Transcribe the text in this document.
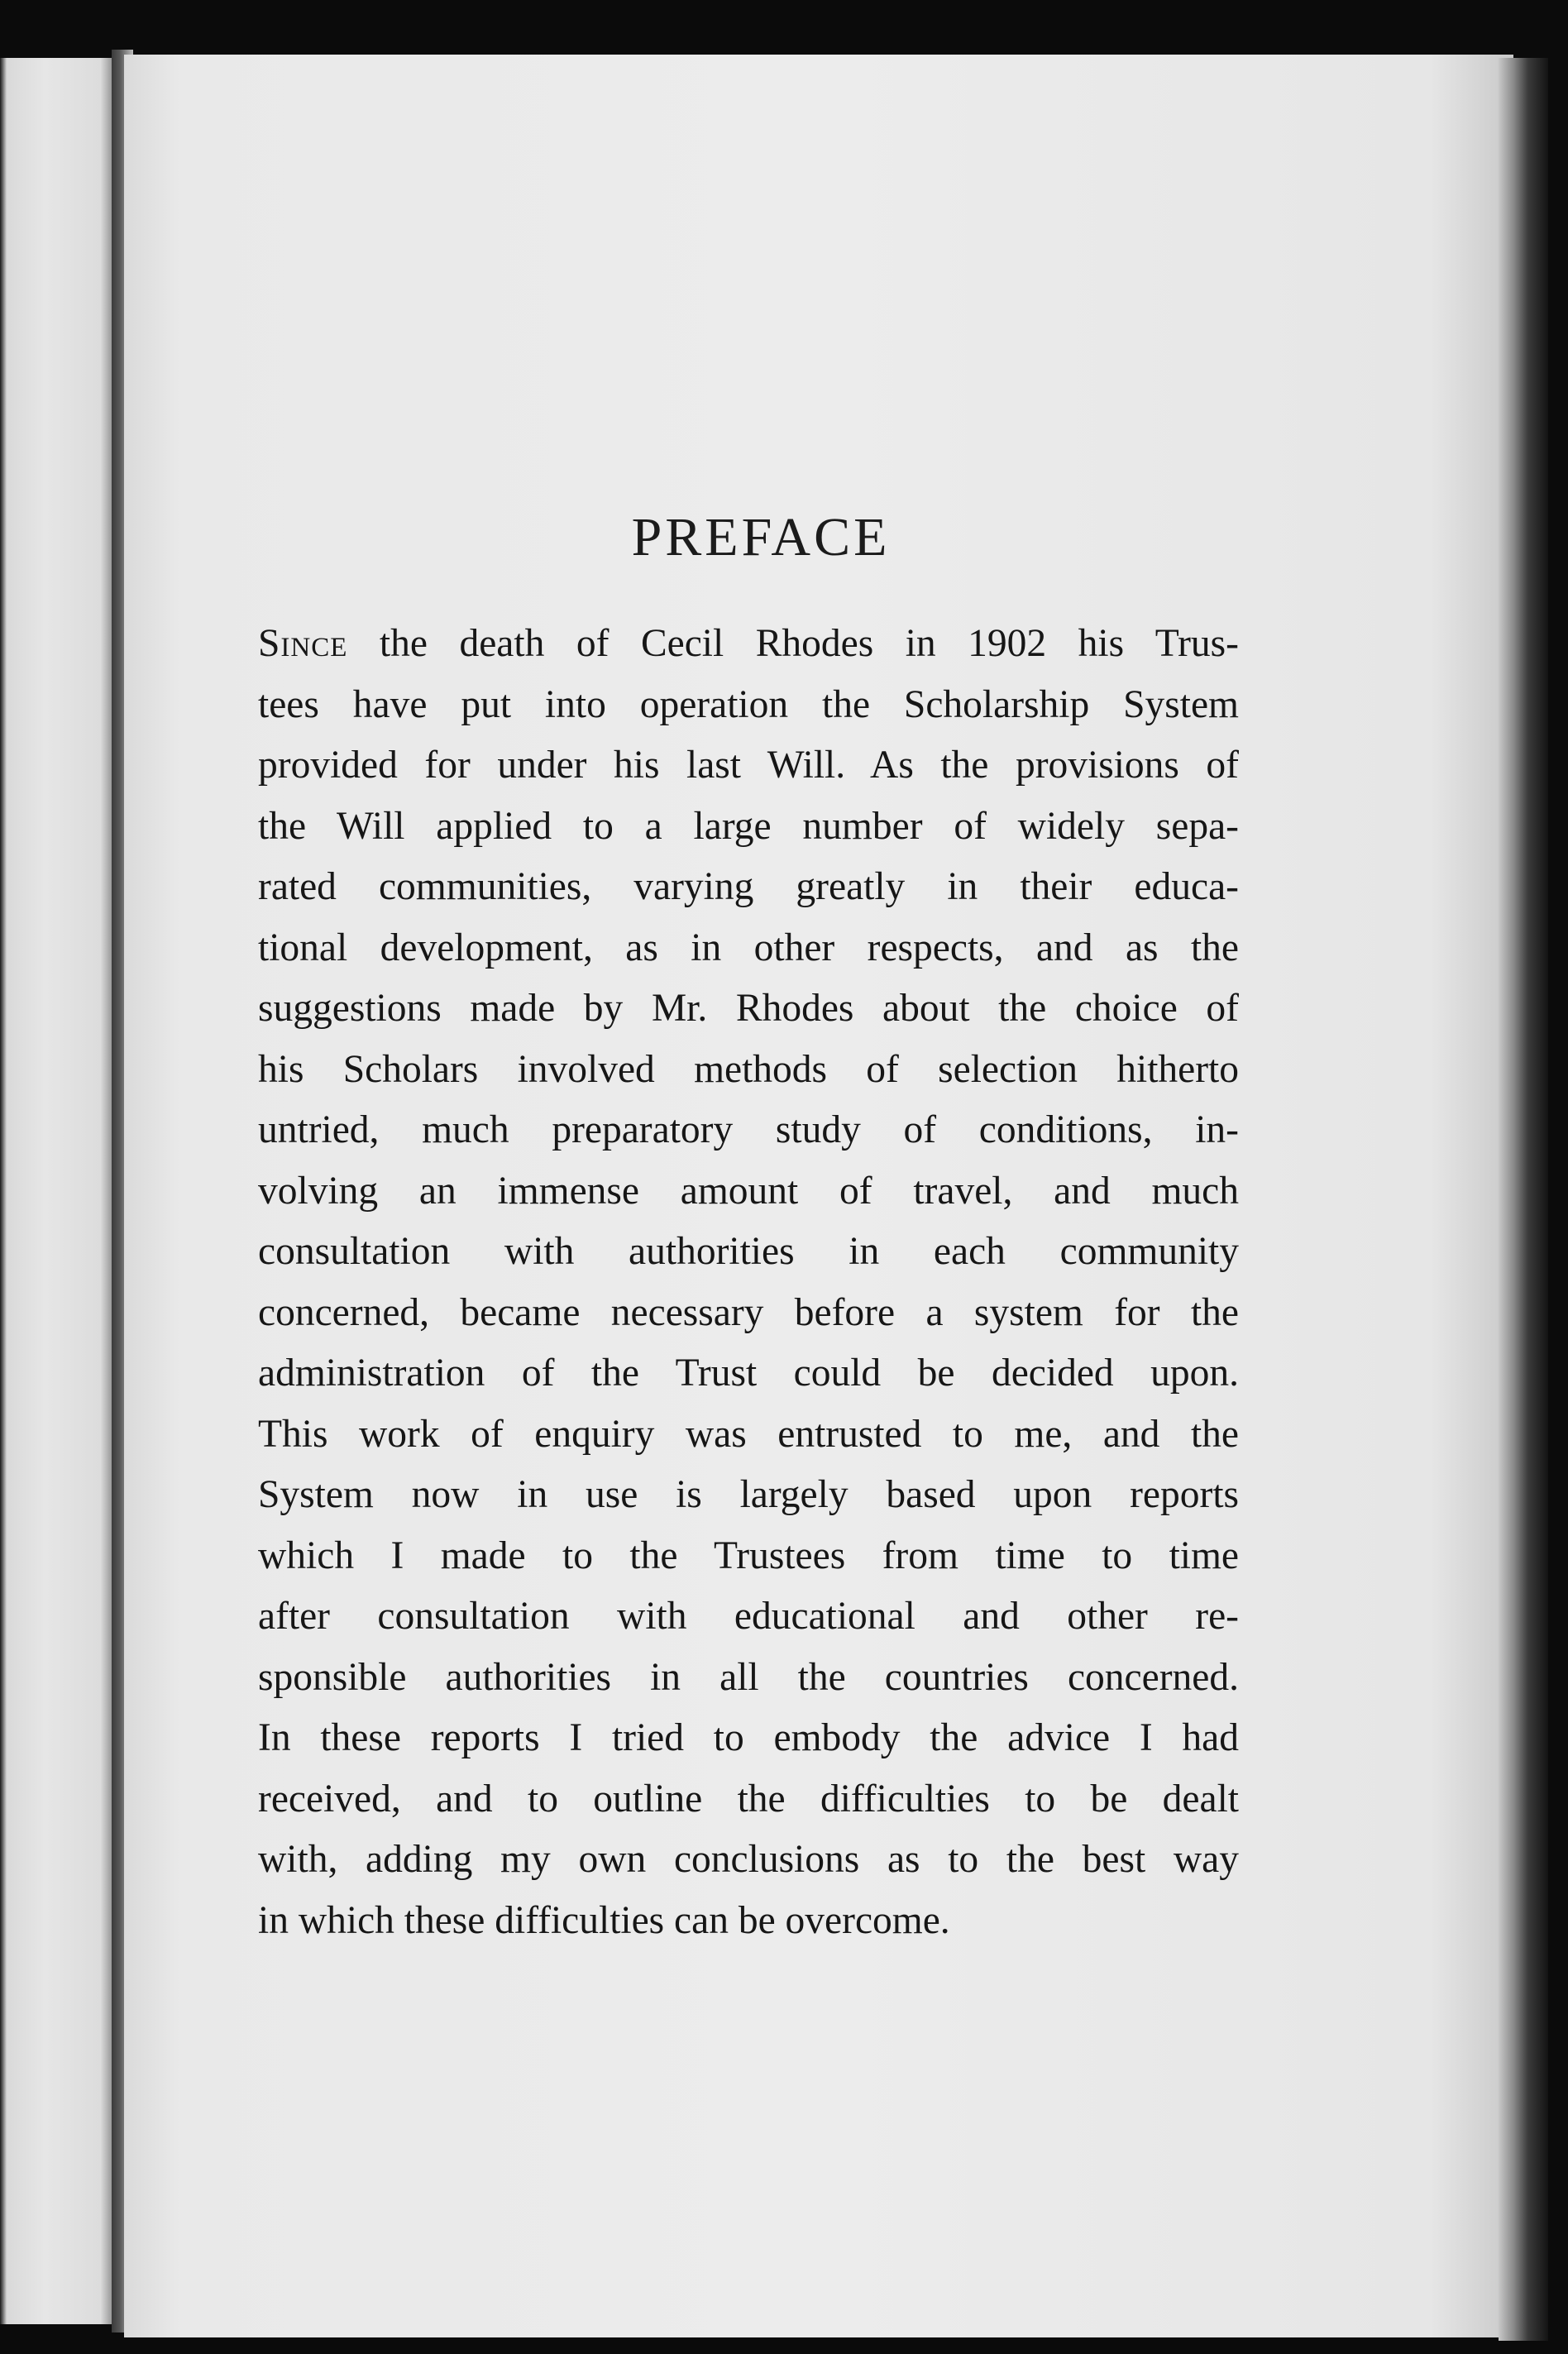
PREFACE
Since the death of Cecil Rhodes in 1902 his Trus-
tees have put into operation the Scholarship System
provided for under his last Will. As the provisions of
the Will applied to a large number of widely sepa-
rated communities, varying greatly in their educa-
tional development, as in other respects, and as the
suggestions made by Mr. Rhodes about the choice of
his Scholars involved methods of selection hitherto
untried, much preparatory study of conditions, in-
volving an immense amount of travel, and much
consultation with authorities in each community
concerned, became necessary before a system for the
administration of the Trust could be decided upon.
This work of enquiry was entrusted to me, and the
System now in use is largely based upon reports
which I made to the Trustees from time to time
after consultation with educational and other re-
sponsible authorities in all the countries concerned.
In these reports I tried to embody the advice I had
received, and to outline the difficulties to be dealt
with, adding my own conclusions as to the best way
in which these difficulties can be overcome.
